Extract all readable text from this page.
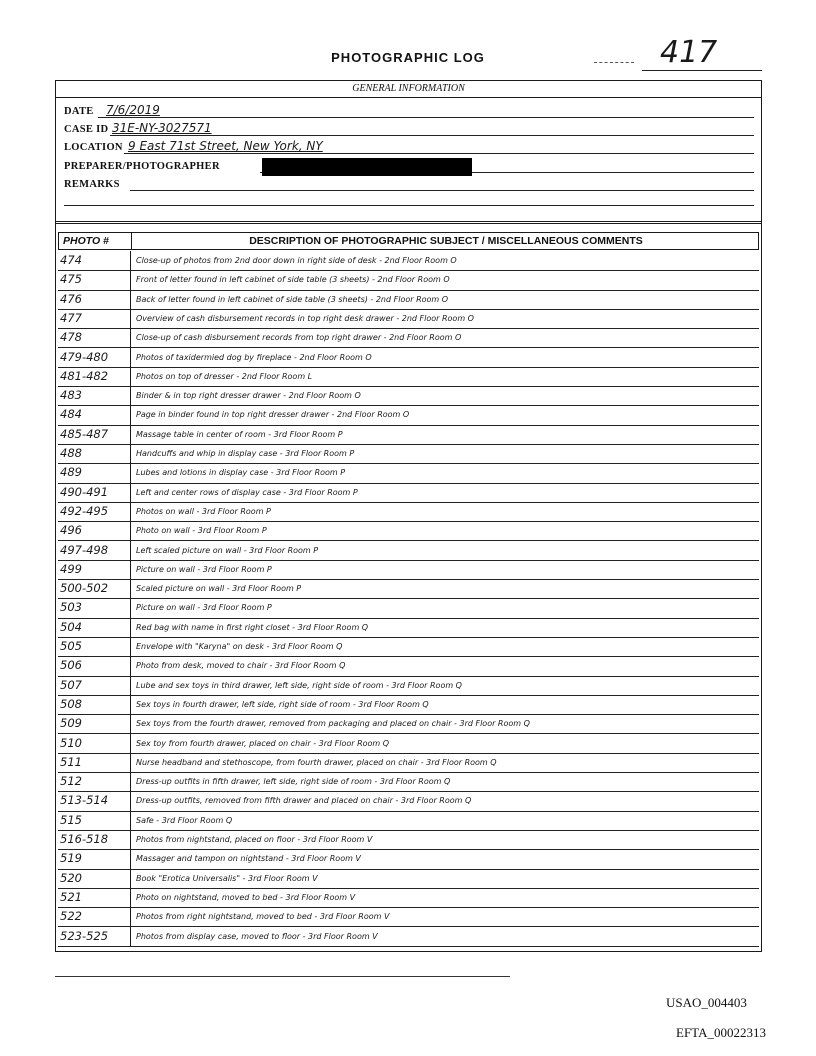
PHOTOGRAPHIC LOG	417
GENERAL INFORMATION
DATE 7/6/2019
CASE ID 31E-NY-3027571
LOCATION 9 East 71st Street, New York, NY
PREPARER/PHOTOGRAPHER
REMARKS
PHOTO #	DESCRIPTION OF PHOTOGRAPHIC SUBJECT / MISCELLANEOUS COMMENTS
474	Close-up of photos from 2nd door down in right side of desk - 2nd Floor Room O
475	Front of letter found in left cabinet of side table (3 sheets) - 2nd Floor Room O
476	Back of letter found in left cabinet of side table (3 sheets) - 2nd Floor Room O
477	Overview of cash disbursement records in top right desk drawer - 2nd Floor Room O
478	Close-up of cash disbursement records from top right drawer - 2nd Floor Room O
479-480	Photos of taxidermied dog by fireplace - 2nd Floor Room O
481-482	Photos on top of dresser - 2nd Floor Room L
483	Binder & in top right dresser drawer - 2nd Floor Room O
484	Page in binder found in top right dresser drawer - 2nd Floor Room O
485-487	Massage table in center of room - 3rd Floor Room P
488	Handcuffs and whip in display case - 3rd Floor Room P
489	Lubes and lotions in display case - 3rd Floor Room P
490-491	Left and center rows of display case - 3rd Floor Room P
492-495	Photos on wall - 3rd Floor Room P
496	Photo on wall - 3rd Floor Room P
497-498	Left scaled picture on wall - 3rd Floor Room P
499	Picture on wall - 3rd Floor Room P
500-502	Scaled picture on wall - 3rd Floor Room P
503	Picture on wall - 3rd Floor Room P
504	Red bag with name in first right closet - 3rd Floor Room Q
505	Envelope with "Karyna" on desk - 3rd Floor Room Q
506	Photo from desk, moved to chair - 3rd Floor Room Q
507	Lube and sex toys in third drawer, left side, right side of room - 3rd Floor Room Q
508	Sex toys in fourth drawer, left side, right side of room - 3rd Floor Room Q
509	Sex toys from the fourth drawer, removed from packaging and placed on chair - 3rd Floor Room Q
510	Sex toy from fourth drawer, placed on chair - 3rd Floor Room Q
511	Nurse headband and stethoscope, from fourth drawer, placed on chair - 3rd Floor Room Q
512	Dress-up outfits in fifth drawer, left side, right side of room - 3rd Floor Room Q
513-514	Dress-up outfits, removed from fifth drawer and placed on chair - 3rd Floor Room Q
515	Safe - 3rd Floor Room Q
516-518	Photos from nightstand, placed on floor - 3rd Floor Room V
519	Massager and tampon on nightstand - 3rd Floor Room V
520	Book "Erotica Universalis" - 3rd Floor Room V
521	Photo on nightstand, moved to bed - 3rd Floor Room V
522	Photos from right nightstand, moved to bed - 3rd Floor Room V
523-525	Photos from display case, moved to floor - 3rd Floor Room V
USAO_004403
EFTA_00022313
